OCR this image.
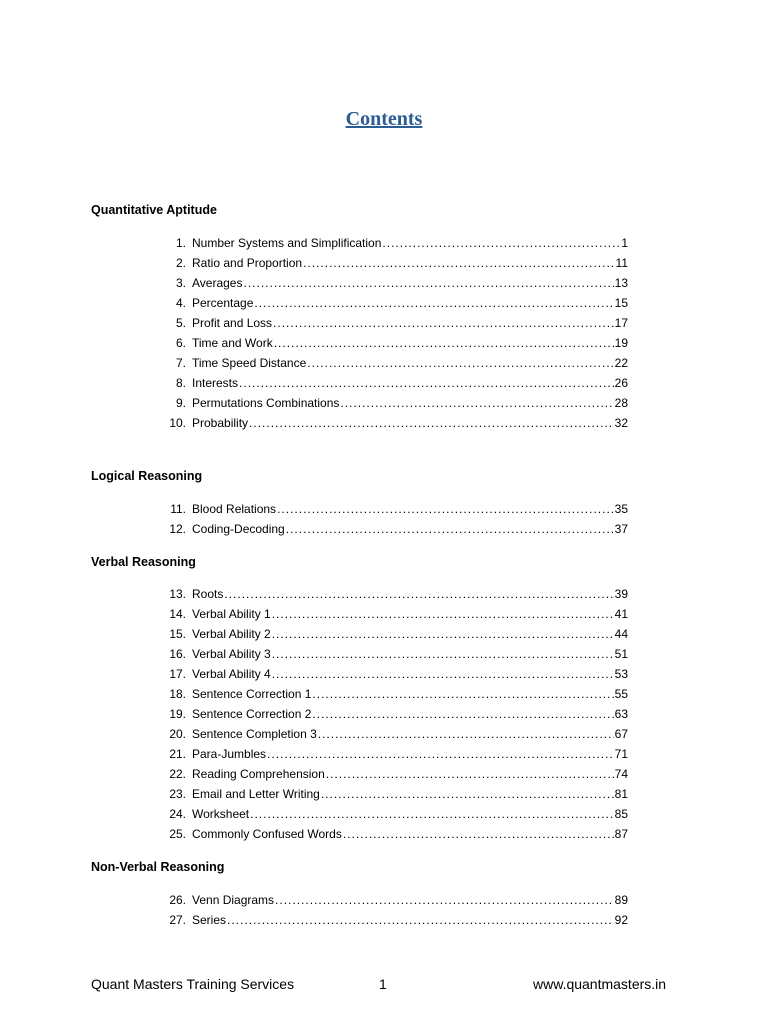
Contents
Quantitative Aptitude
1. Number Systems and Simplification .....	1
2. Ratio and Proportion .....	11
3. Averages .....	13
4. Percentage .....	15
5. Profit and Loss .....	17
6. Time and Work .....	19
7. Time Speed Distance .....	22
8. Interests .....	26
9. Permutations Combinations .....	28
10. Probability .....	32
Logical Reasoning
11. Blood Relations .....	35
12. Coding-Decoding .....	37
Verbal Reasoning
13. Roots .....	39
14. Verbal Ability 1 .....	41
15. Verbal Ability 2 .....	44
16. Verbal Ability 3 .....	51
17. Verbal Ability 4 .....	53
18. Sentence Correction 1 .....	55
19. Sentence Correction 2 .....	63
20. Sentence Completion 3 .....	67
21. Para-Jumbles .....	71
22. Reading Comprehension .....	74
23. Email and Letter Writing .....	81
24. Worksheet .....	85
25. Commonly Confused Words .....	87
Non-Verbal Reasoning
26. Venn Diagrams .....	89
27. Series .....	92
Quant Masters Training Services	1	www.quantmasters.in
